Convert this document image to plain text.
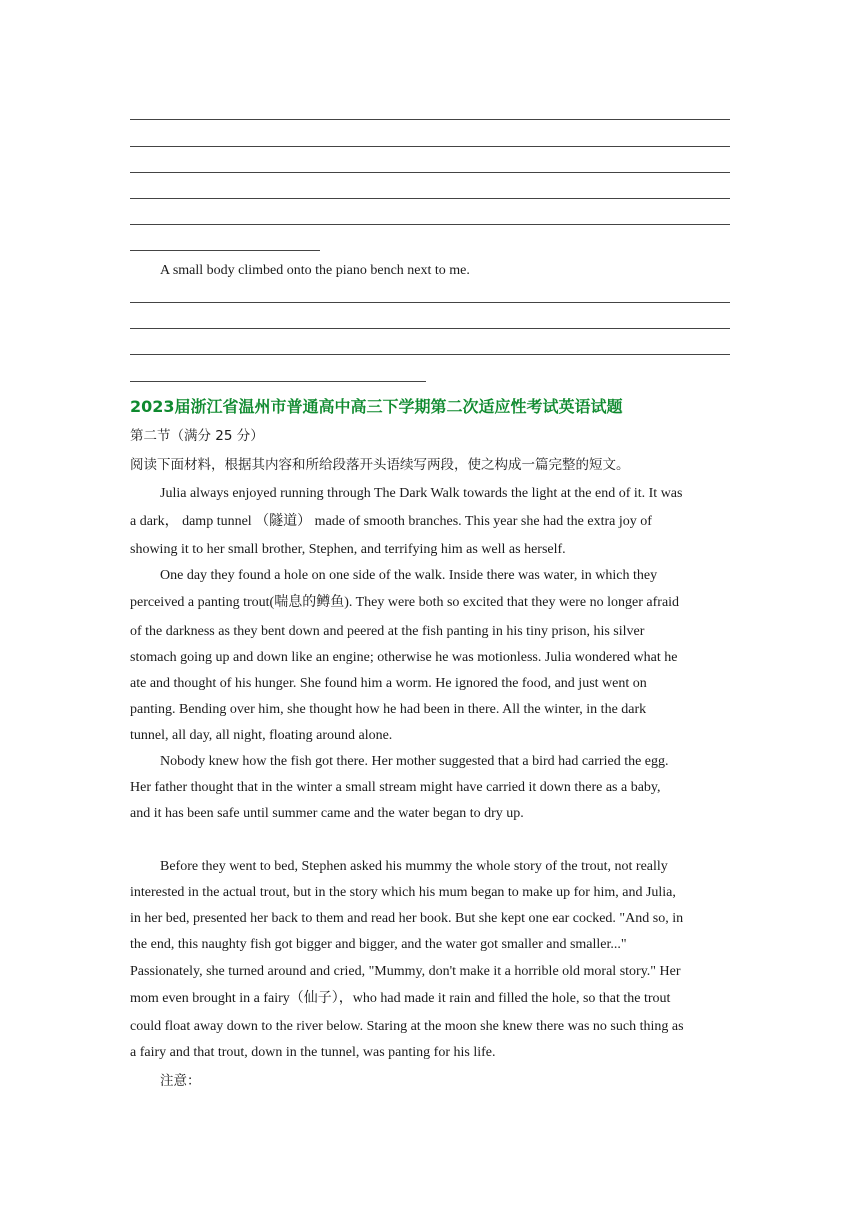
A small body climbed onto the piano bench next to me.
2023届浙江省温州市普通高中高三下学期第二次适应性考试英语试题
第二节（满分 25 分）
阅读下面材料，根据其内容和所给段落开头语续写两段，使之构成一篇完整的短文。
Julia always enjoyed running through The Dark Walk towards the light at the end of it. It was
a dark， damp tunnel （隧道） made of smooth branches. This year she had the extra joy of
showing it to her small brother, Stephen, and terrifying him as well as herself.
One day they found a hole on one side of the walk. Inside there was water, in which they
perceived a panting trout(喘息的鳟鱼). They were both so excited that they were no longer afraid
of the darkness as they bent down and peered at the fish panting in his tiny prison, his silver
stomach going up and down like an engine; otherwise he was motionless. Julia wondered what he
ate and thought of his hunger. She found him a worm. He ignored the food, and just went on
panting. Bending over him, she thought how he had been in there. All the winter, in the dark
tunnel, all day, all night, floating around alone.
Nobody knew how the fish got there. Her mother suggested that a bird had carried the egg.
Her father thought that in the winter a small stream might have carried it down there as a baby,
and it has been safe until summer came and the water began to dry up.
Before they went to bed, Stephen asked his mummy the whole story of the trout, not really
interested in the actual trout, but in the story which his mum began to make up for him, and Julia,
in her bed, presented her back to them and read her book. But she kept one ear cocked. "And so, in
the end, this naughty fish got bigger and bigger, and the water got smaller and smaller..."
Passionately, she turned around and cried, "Mummy, don't make it a horrible old moral story." Her
mom even brought in a fairy（仙子），who had made it rain and filled the hole, so that the trout
could float away down to the river below. Staring at the moon she knew there was no such thing as
a fairy and that trout, down in the tunnel, was panting for his life.
注意：
